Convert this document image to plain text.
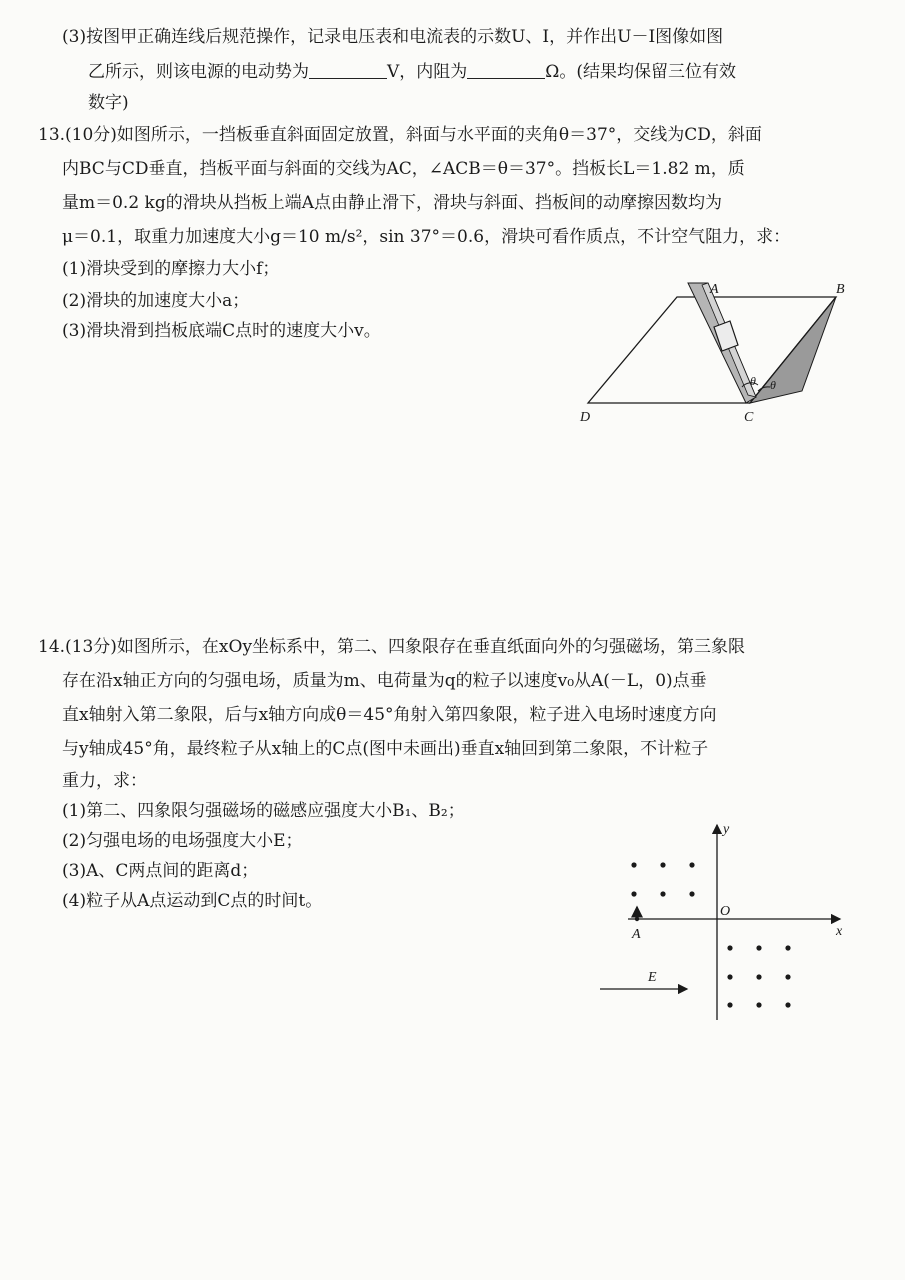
(3)按图甲正确连线后规范操作，记录电压表和电流表的示数U、I，并作出U－I图像如图
乙所示，则该电源的电动势为	V，内阻为	Ω。(结果均保留三位有效
数字)
13.(10分)如图所示，一挡板垂直斜面固定放置，斜面与水平面的夹角θ＝37°，交线为CD，斜面
内BC与CD垂直，挡板平面与斜面的交线为AC，∠ACB＝θ＝37°。挡板长L＝1.82 m，质
量m＝0.2 kg的滑块从挡板上端A点由静止滑下，滑块与斜面、挡板间的动摩擦因数均为
μ＝0.1，取重力加速度大小g＝10 m/s²，sin 37°＝0.6，滑块可看作质点，不计空气阻力，求：
(1)滑块受到的摩擦力大小f；
(2)滑块的加速度大小a；
(3)滑块滑到挡板底端C点时的速度大小v。
A	B
C
D
θ θ
14.(13分)如图所示，在xOy坐标系中，第二、四象限存在垂直纸面向外的匀强磁场，第三象限
存在沿x轴正方向的匀强电场，质量为m、电荷量为q的粒子以速度v₀从A(－L，0)点垂
直x轴射入第二象限，后与x轴方向成θ＝45°角射入第四象限，粒子进入电场时速度方向
与y轴成45°角，最终粒子从x轴上的C点(图中未画出)垂直x轴回到第二象限，不计粒子
重力，求：
(1)第二、四象限匀强磁场的磁感应强度大小B₁、B₂；
(2)匀强电场的电场强度大小E；
(3)A、C两点间的距离d；
(4)粒子从A点运动到C点的时间t。
y
x
O
A
E
